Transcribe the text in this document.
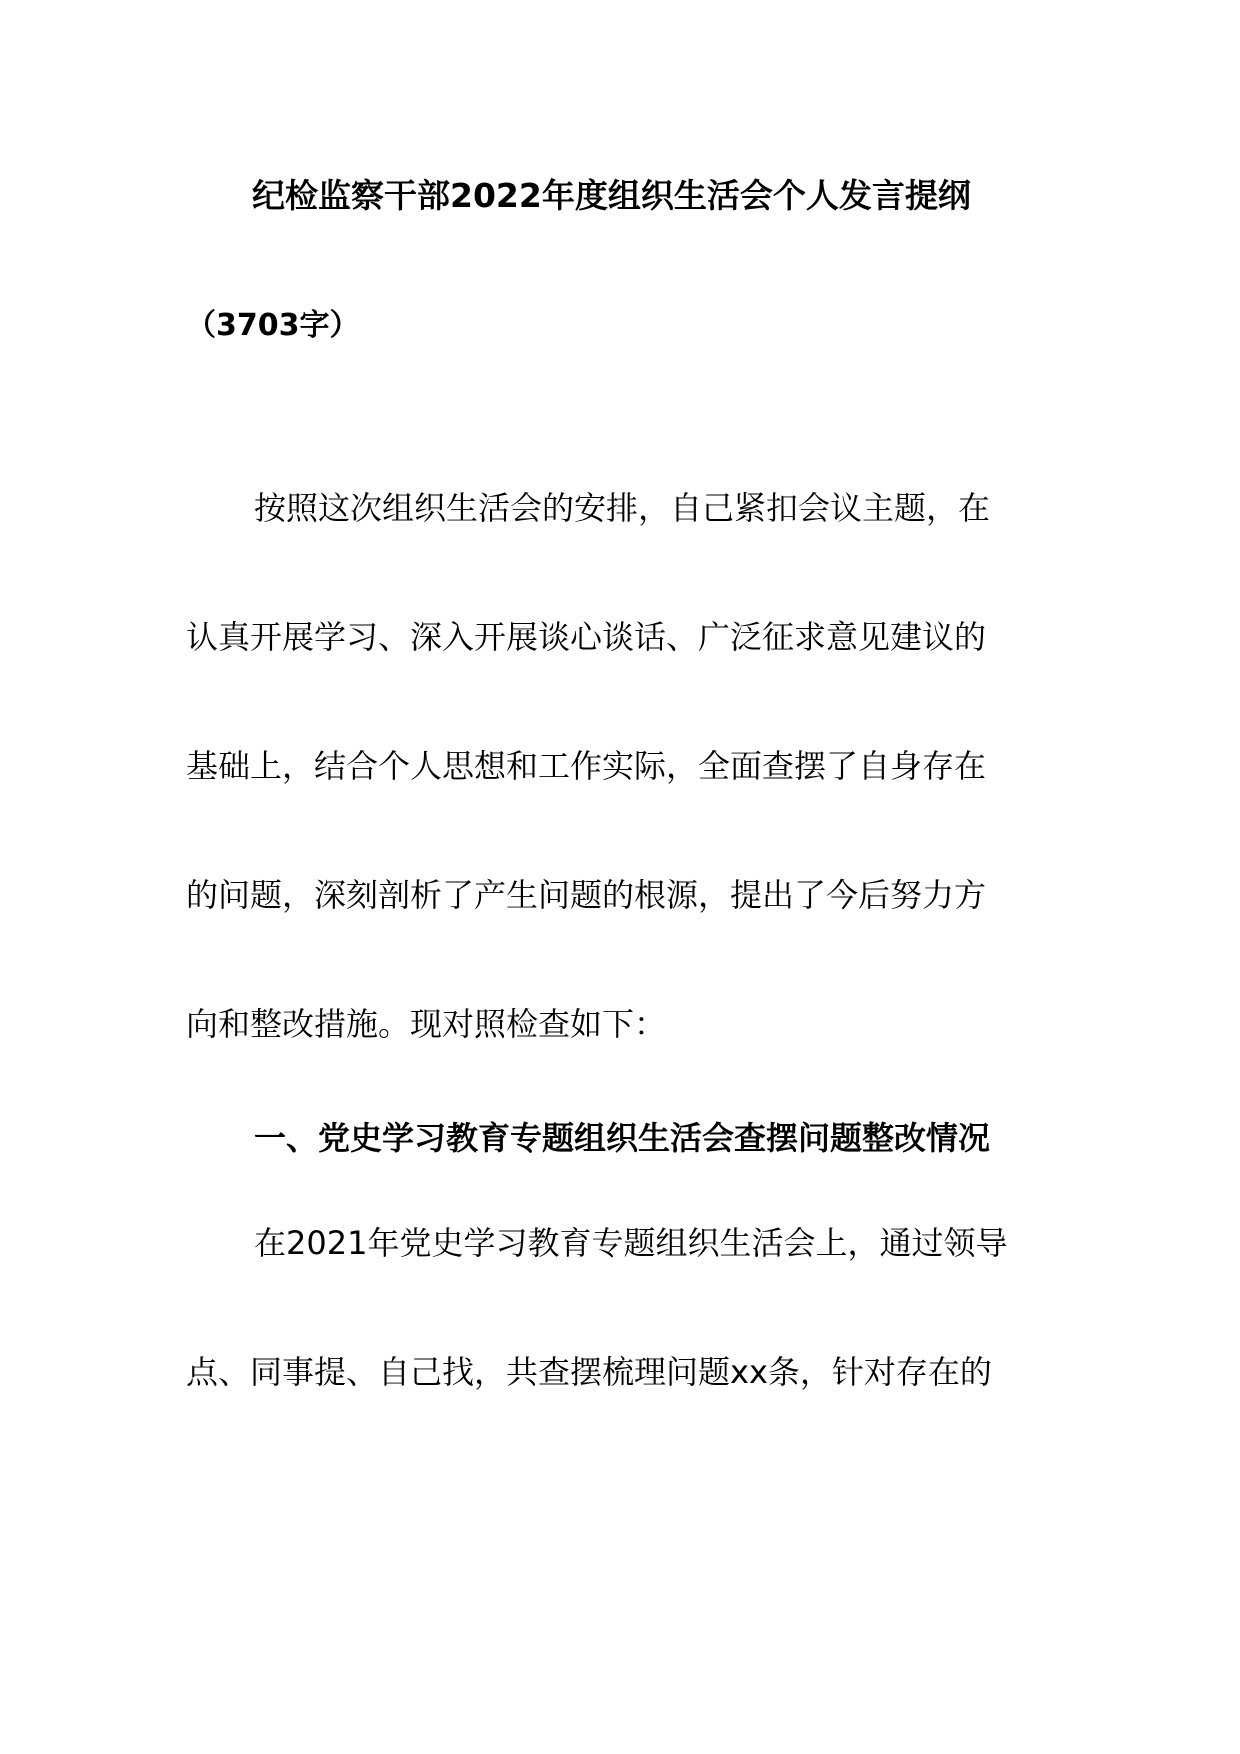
纪检监察干部2022年度组织生活会个人发言提纲
（3703字）
按照这次组织生活会的安排，自己紧扣会议主题，在
认真开展学习、深入开展谈心谈话、广泛征求意见建议的
基础上，结合个人思想和工作实际，全面查摆了自身存在
的问题，深刻剖析了产生问题的根源，提出了今后努力方
向和整改措施。现对照检查如下：
一、党史学习教育专题组织生活会查摆问题整改情况
在2021年党史学习教育专题组织生活会上，通过领导
点、同事提、自己找，共查摆梳理问题xx条，针对存在的
